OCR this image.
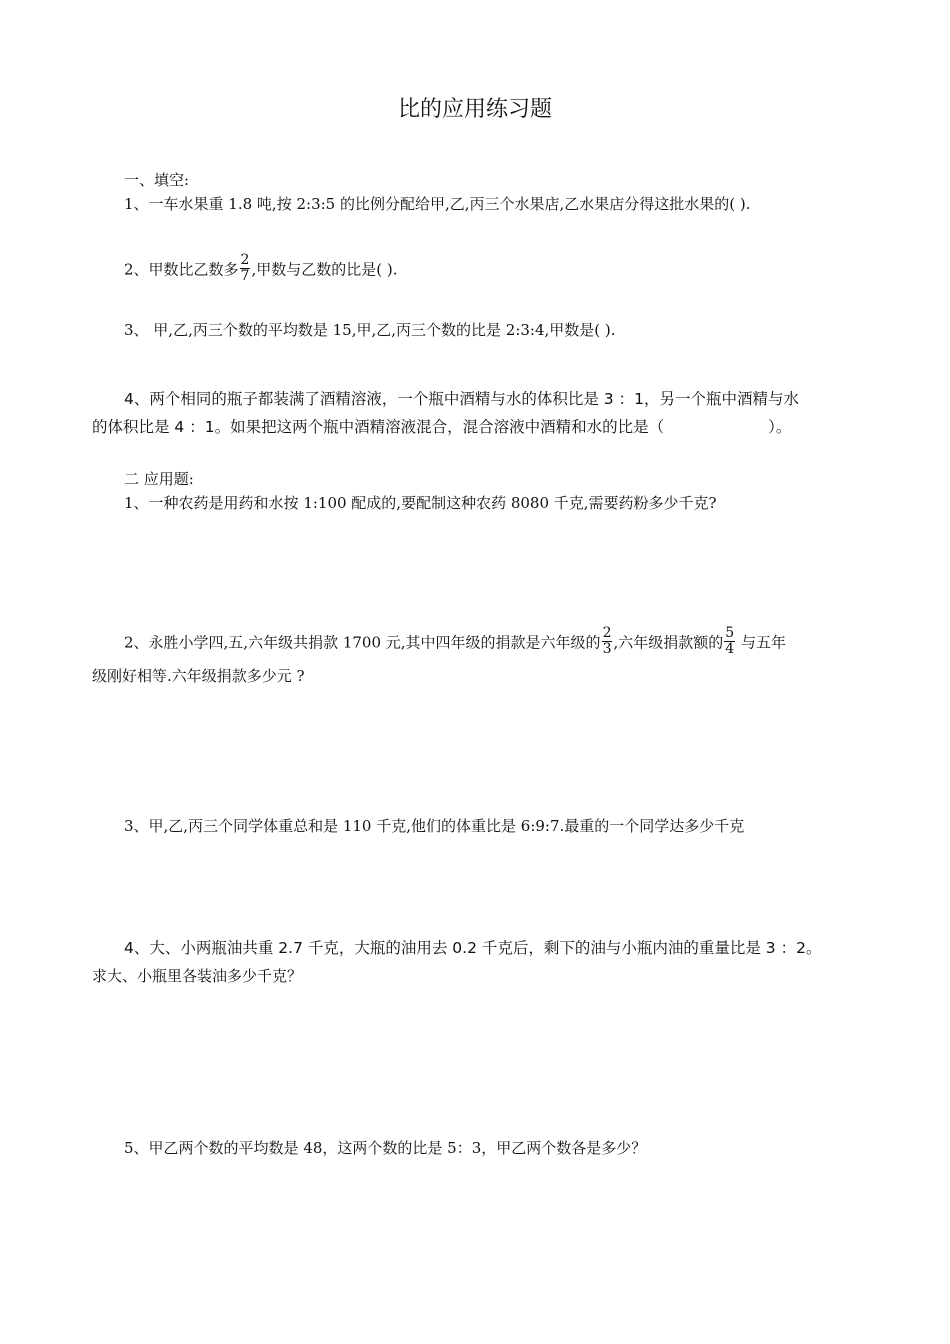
比的应用练习题
一、填空:
1、一车水果重 1.8 吨,按 2:3:5 的比例分配给甲,乙,丙三个水果店,乙水果店分得这批水果的( ).
2、甲数比乙数多 $\frac{2}{7}$ ,甲数与乙数的比是( ).
3、 甲,乙,丙三个数的平均数是 15,甲,乙,丙三个数的比是 2:3:4,甲数是( ).
4、两个相同的瓶子都装满了酒精溶液，一个瓶中酒精与水的体积比是 3 ：1，另一个瓶中酒精与水
的体积比是 4 ：1。如果把这两个瓶中酒精溶液混合，混合溶液中酒精和水的比是（	）。
二 应用题:
1、一种农药是用药和水按 1:100 配成的,要配制这种农药 8080 千克,需要药粉多少千克?
2、永胜小学四,五,六年级共捐款 1700 元,其中四年级的捐款是六年级的 $\frac{2}{3}$ ,六年级捐款额的 $\frac{5}{4}$ 与五年
级刚好相等.六年级捐款多少元 ?
3、甲,乙,丙三个同学体重总和是 110 千克,他们的体重比是 6:9:7.最重的一个同学达多少千克
4、大、小两瓶油共重 2.7 千克，大瓶的油用去 0.2 千克后，剩下的油与小瓶内油的重量比是 3 ：2。
求大、小瓶里各装油多少千克？
5、甲乙两个数的平均数是 48，这两个数的比是 5：3，甲乙两个数各是多少？
